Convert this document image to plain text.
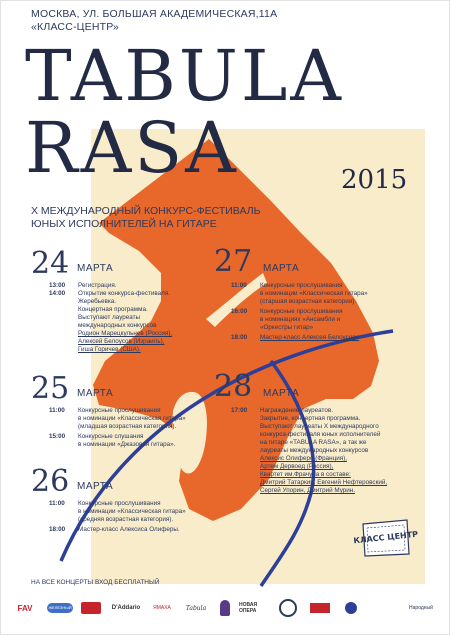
МОСКВА, УЛ. БОЛЬШАЯ АКАДЕМИЧЕСКАЯ,11А
«КЛАСС-ЦЕНТР»
TABULA
RASA	2015
X МЕЖДУНАРОДНЫЙ КОНКУРС-ФЕСТИВАЛЬ
ЮНЫХ ИСПОЛНИТЕЛЕЙ НА ГИТАРЕ
24 МАРТА
13:00	Регистрация.
14:00	Открытие конкурса-фестиваля.
Жеребьевка.
Концертная программа.
Выступают лауреаты
международных конкурсов
Родион Марецкульнев (Россия),
Алексей Белоусов (Израиль),
Гиша Горичев (США).
25 МАРТА
11:00	Конкурсные прослушивания
в номинации «Классическая гитара»
(младшая возрастная категория).
15:00	Конкурсные слушания
в номинации «Джазовая гитара».
26 МАРТА
11:00	Конкурсные прослушивания
в номинации «Классическая гитара»
(средняя возрастная категория).
18:00	Мастер-класс Алексиса Олиферы.
27 МАРТА
11:00	Конкурсные прослушивания
в номинации «Классическая гитара»
(старшая возрастная категория).
16:00	Конкурсные прослушивания
в номинациях «Ансамбли и
«Оркестры гитар»
18:00	Мастер-класс Алексея Белоусова
28 МАРТА
17:00	Награждение лауреатов.
Закрытие, концертная программа.
Выступают лауреаты X международного
конкурса-фестиваля юных исполнителей
на гитаре «TABULA RASA», а так же
лауреаты международных конкурсов
Алексис Олиферо (Франция),
Артем Дервоед (Россия),
Квартет им.Фрачуна в составе:
Дмитрий Татаркин, Евгений Нефтеровский,
Сергей Упорин, Дмитрий Мурин.
КЛАСС ЦЕНТР
НА ВСЕ КОНЦЕРТЫ ВХОД БЕСПЛАТНЫЙ
FAV	ЖЕЛЕЗНЫЙ	D'Addario	ЯМАХА Tabula	НОВАЯ ОПЕРА	Народный
